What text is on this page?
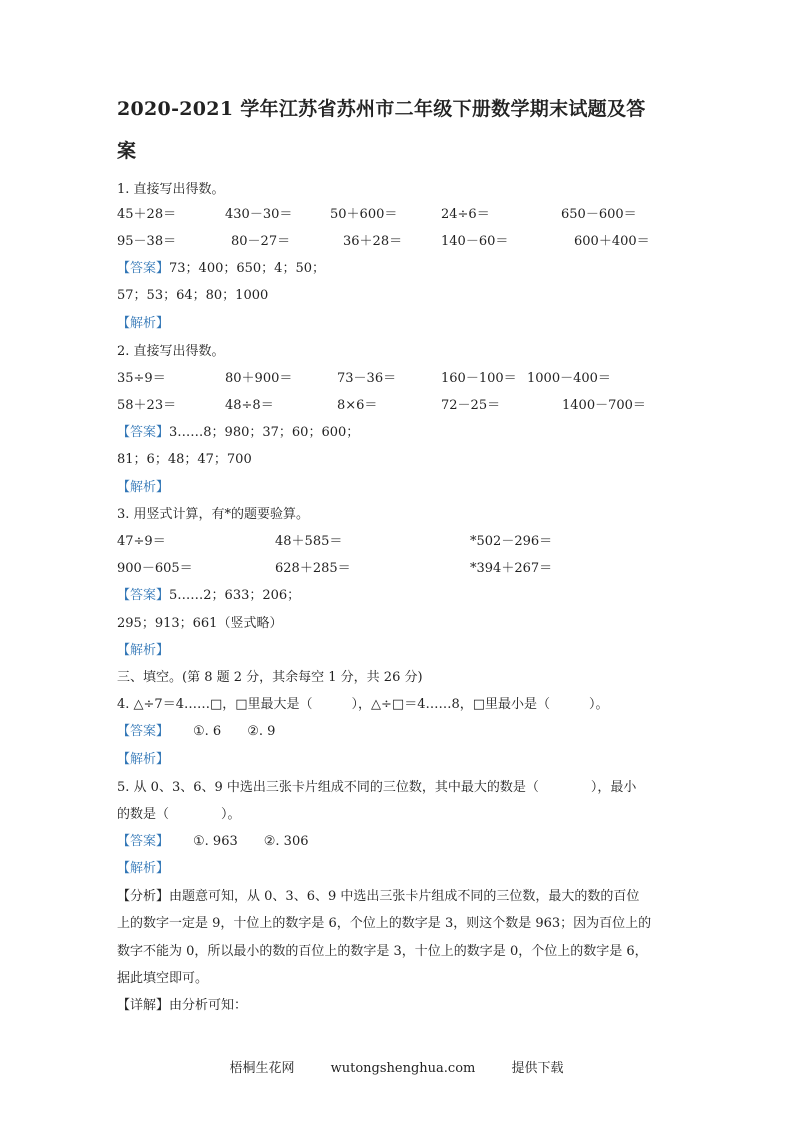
2020-2021 学年江苏省苏州市二年级下册数学期末试题及答
案
1. 直接写出得数。
45＋28＝	430－30＝	50＋600＝	24÷6＝	650－600＝
95－38＝	80－27＝	36＋28＝	140－60＝	600＋400＝
【答案】73；400；650；4；50；
57；53；64；80；1000
【解析】
2. 直接写出得数。
35÷9＝	80＋900＝	73－36＝	160－100＝ 1000－400＝
58＋23＝	48÷8＝	8×6＝	72－25＝	1400－700＝
【答案】3……8；980；37；60；600；
81；6；48；47；700
【解析】
3. 用竖式计算，有*的题要验算。
47÷9＝	48＋585＝	*502－296＝
900－605＝	628＋285＝	*394＋267＝
【答案】5……2；633；206；
295；913；661（竖式略）
【解析】
三、填空。(第 8 题 2 分，其余每空 1 分，共 26 分)
4. △÷7＝4……□，□里最大是（　　　），△÷□＝4……8，□里最小是（　　　）。
【答案】 ①. 6　　②. 9
【解析】
5. 从 0、3、6、9 中选出三张卡片组成不同的三位数，其中最大的数是（　　　　），最小
的数是（　　　　）。
【答案】 ①. 963　　②. 306
【解析】
【分析】由题意可知，从 0、3、6、9 中选出三张卡片组成不同的三位数，最大的数的百位
上的数字一定是 9，十位上的数字是 6，个位上的数字是 3，则这个数是 963；因为百位上的
数字不能为 0，所以最小的数的百位上的数字是 3，十位上的数字是 0，个位上的数字是 6，
据此填空即可。
【详解】由分析可知：
梧桐生花网	wutongshenghua.com	提供下载
